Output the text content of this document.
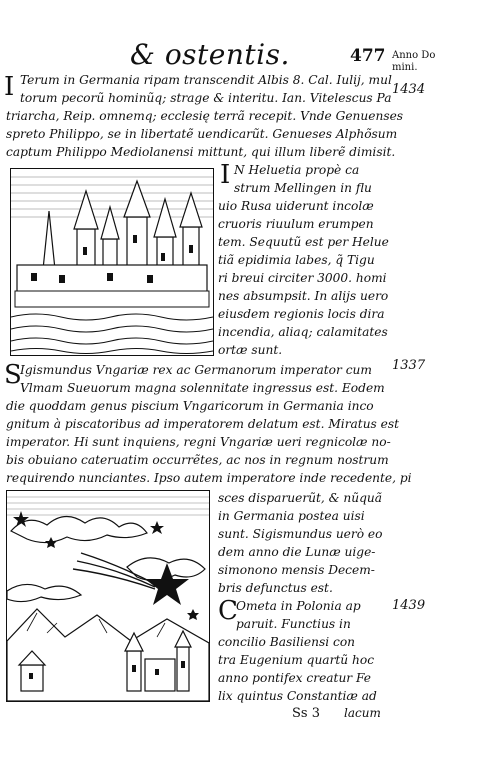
& ostentis.	477 Anno Do mini.
1434
1337
1439
I Terum in Germania ripam transcendit Albis 8. Cal. Iulij, mul
torum pecorũ hominũq; strage & interitu. Ian. Vitelescus Pa
triarcha, Reip. omnemq; ecclesię terrã recepit. Vnde Genuenses
spreto Philippo, se in libertatẽ uendicarũt. Genueses Alphõsum
captum Philippo Mediolanensi mittunt, qui illum liberẽ dimisit.
I N Heluetia propè ca
strum Mellingen in flu
uio Rusa uiderunt incolæ
cruoris riuulum erumpen
tem. Sequutũ est per Helue
tiã epidimia labes, q̃ Tigu
ri breui circiter 3000. homi
nes absumpsit. In alijs uero
eiusdem regionis locis dira
incendia, aliaq; calamitates
ortæ sunt.
S
Igismundus Vngariæ rex ac Germanorum imperator cum
Vlmam Sueuorum magna solennitate ingressus est. Eodem
die quoddam genus piscium Vngaricorum in Germania inco
gnitum à piscatoribus ad imperatorem delatum est. Miratus est
imperator. Hi sunt inquiens, regni Vngariæ ueri regnicolæ no-
bis obuiano cateruatim occurrẽtes, ac nos in regnum nostrum
requirendo nunciantes. Ipso autem imperatore inde recedente, pi
sces disparuerũt, & nũquã
in Germania postea uisi
sunt. Sigismundus uerò eo
dem anno die Lunæ uige-
simonono mensis Decem-
bris defunctus est.
C
Ometa in Polonia ap
paruit. Functius in
concilio Basiliensi con
tra Eugenium quartũ hoc
anno pontifex creatur Fe
lix quintus Constantiæ ad
Ss 3 lacum
